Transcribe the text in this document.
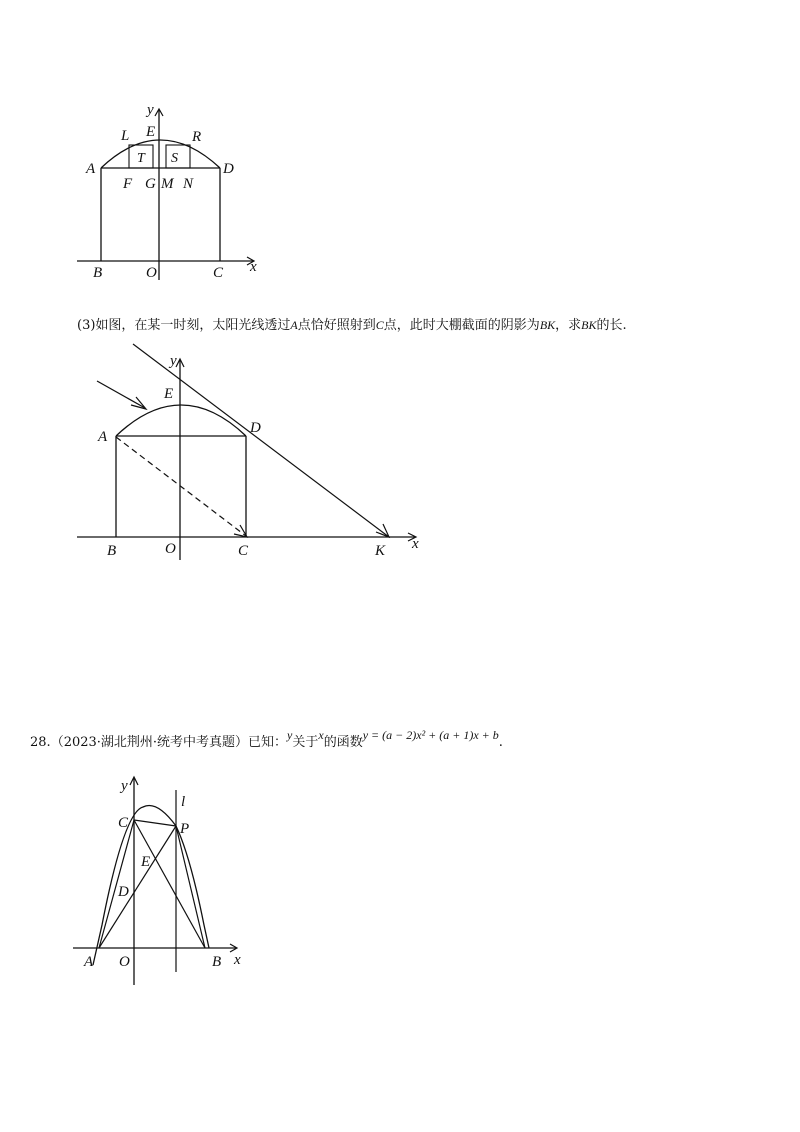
y
L E R
A	D
T S
F G M N
B	O	C x
(3)如图，在某一时刻，太阳光线透过A点恰好照射到C点，此时大棚截面的阴影为BK，求BK的长.
y
E
A
D
B	O	C	K x
28.（2023·湖北荆州·统考中考真题）已知：y关于x的函数y = (a − 2)x² + (a + 1)x + b.
y
l
C	P
E
D
A O	B x
